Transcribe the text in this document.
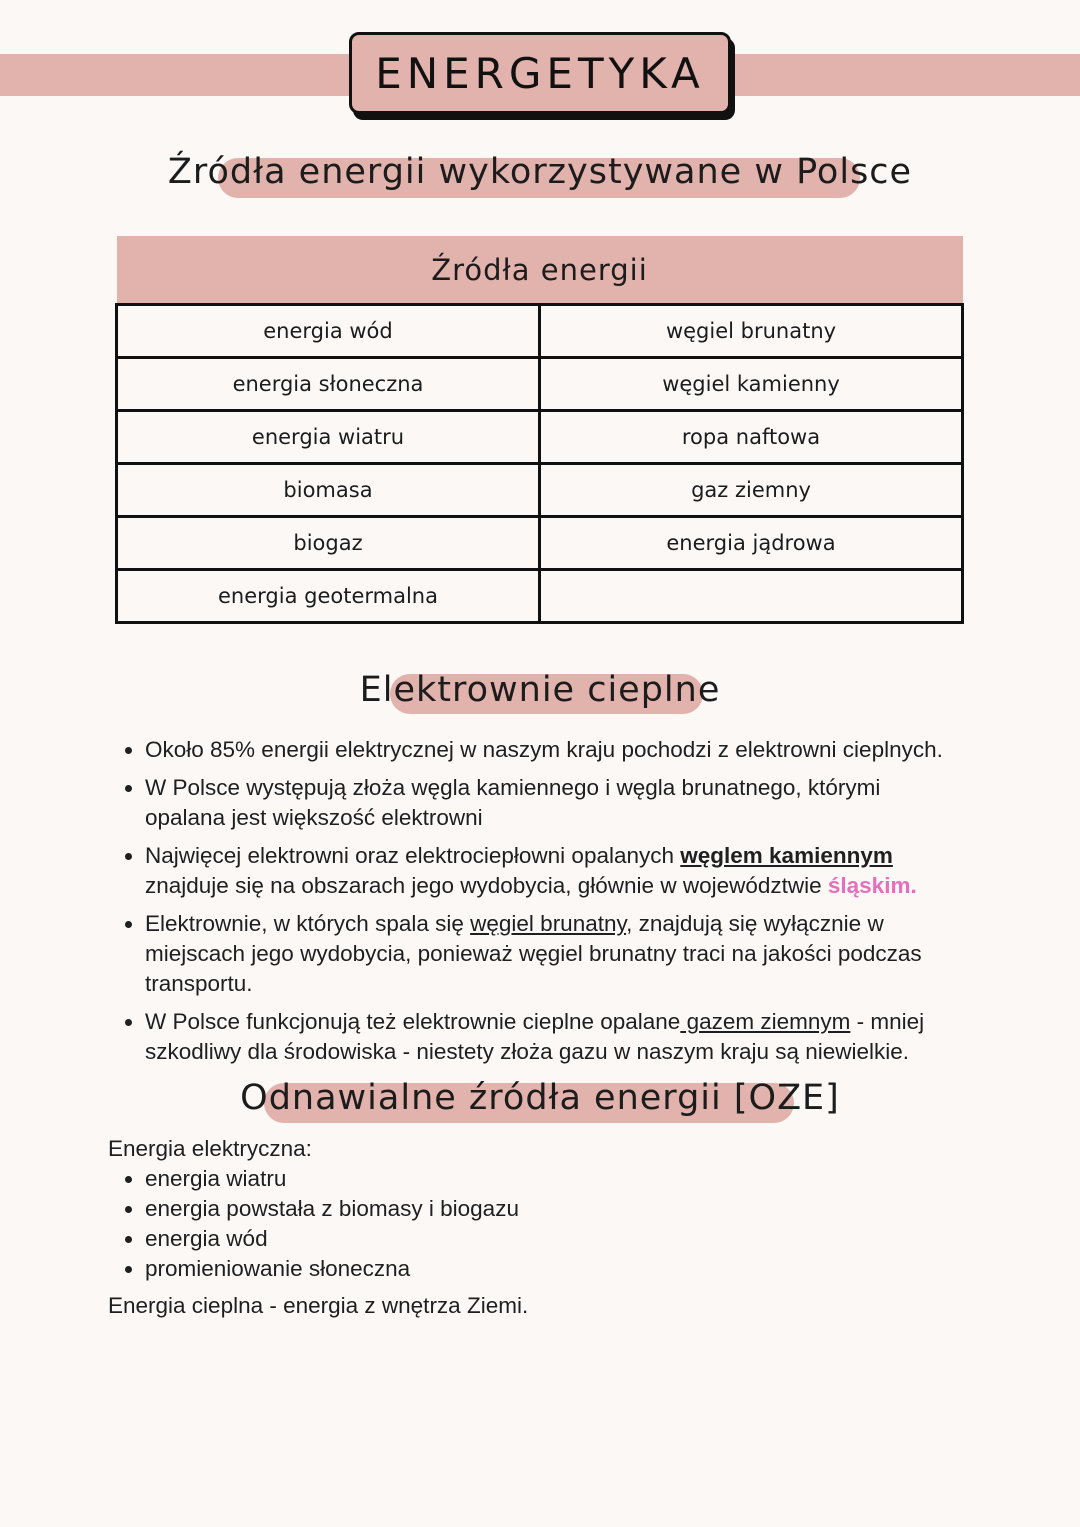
ENERGETYKA
Źródła energii wykorzystywane w Polsce
Źródła energii	
energia wód	węgiel brunatny
energia słoneczna	węgiel kamienny
energia wiatru	ropa naftowa
biomasa	gaz ziemny
biogaz	energia jądrowa
energia geotermalna	
Elektrownie cieplne
• Około 85% energii elektrycznej w naszym kraju pochodzi z elektrowni cieplnych.
• W Polsce występują złoża węgla kamiennego i węgla brunatnego, którymi opalana jest większość elektrowni
• Najwięcej elektrowni oraz elektrociepłowni opalanych węglem kamiennym znajduje się na obszarach jego wydobycia, głównie w województwie śląskim.
• Elektrownie, w których spala się węgiel brunatny, znajdują się wyłącznie w miejscach jego wydobycia, ponieważ węgiel brunatny traci na jakości podczas transportu.
• W Polsce funkcjonują też elektrownie cieplne opalane gazem ziemnym - mniej szkodliwy dla środowiska - niestety złoża gazu w naszym kraju są niewielkie.
Odnawialne źródła energii [OZE]
Energia elektryczna:
• energia wiatru
• energia powstała z biomasy i biogazu
• energia wód
• promieniowanie słoneczna
Energia cieplna - energia z wnętrza Ziemi.
